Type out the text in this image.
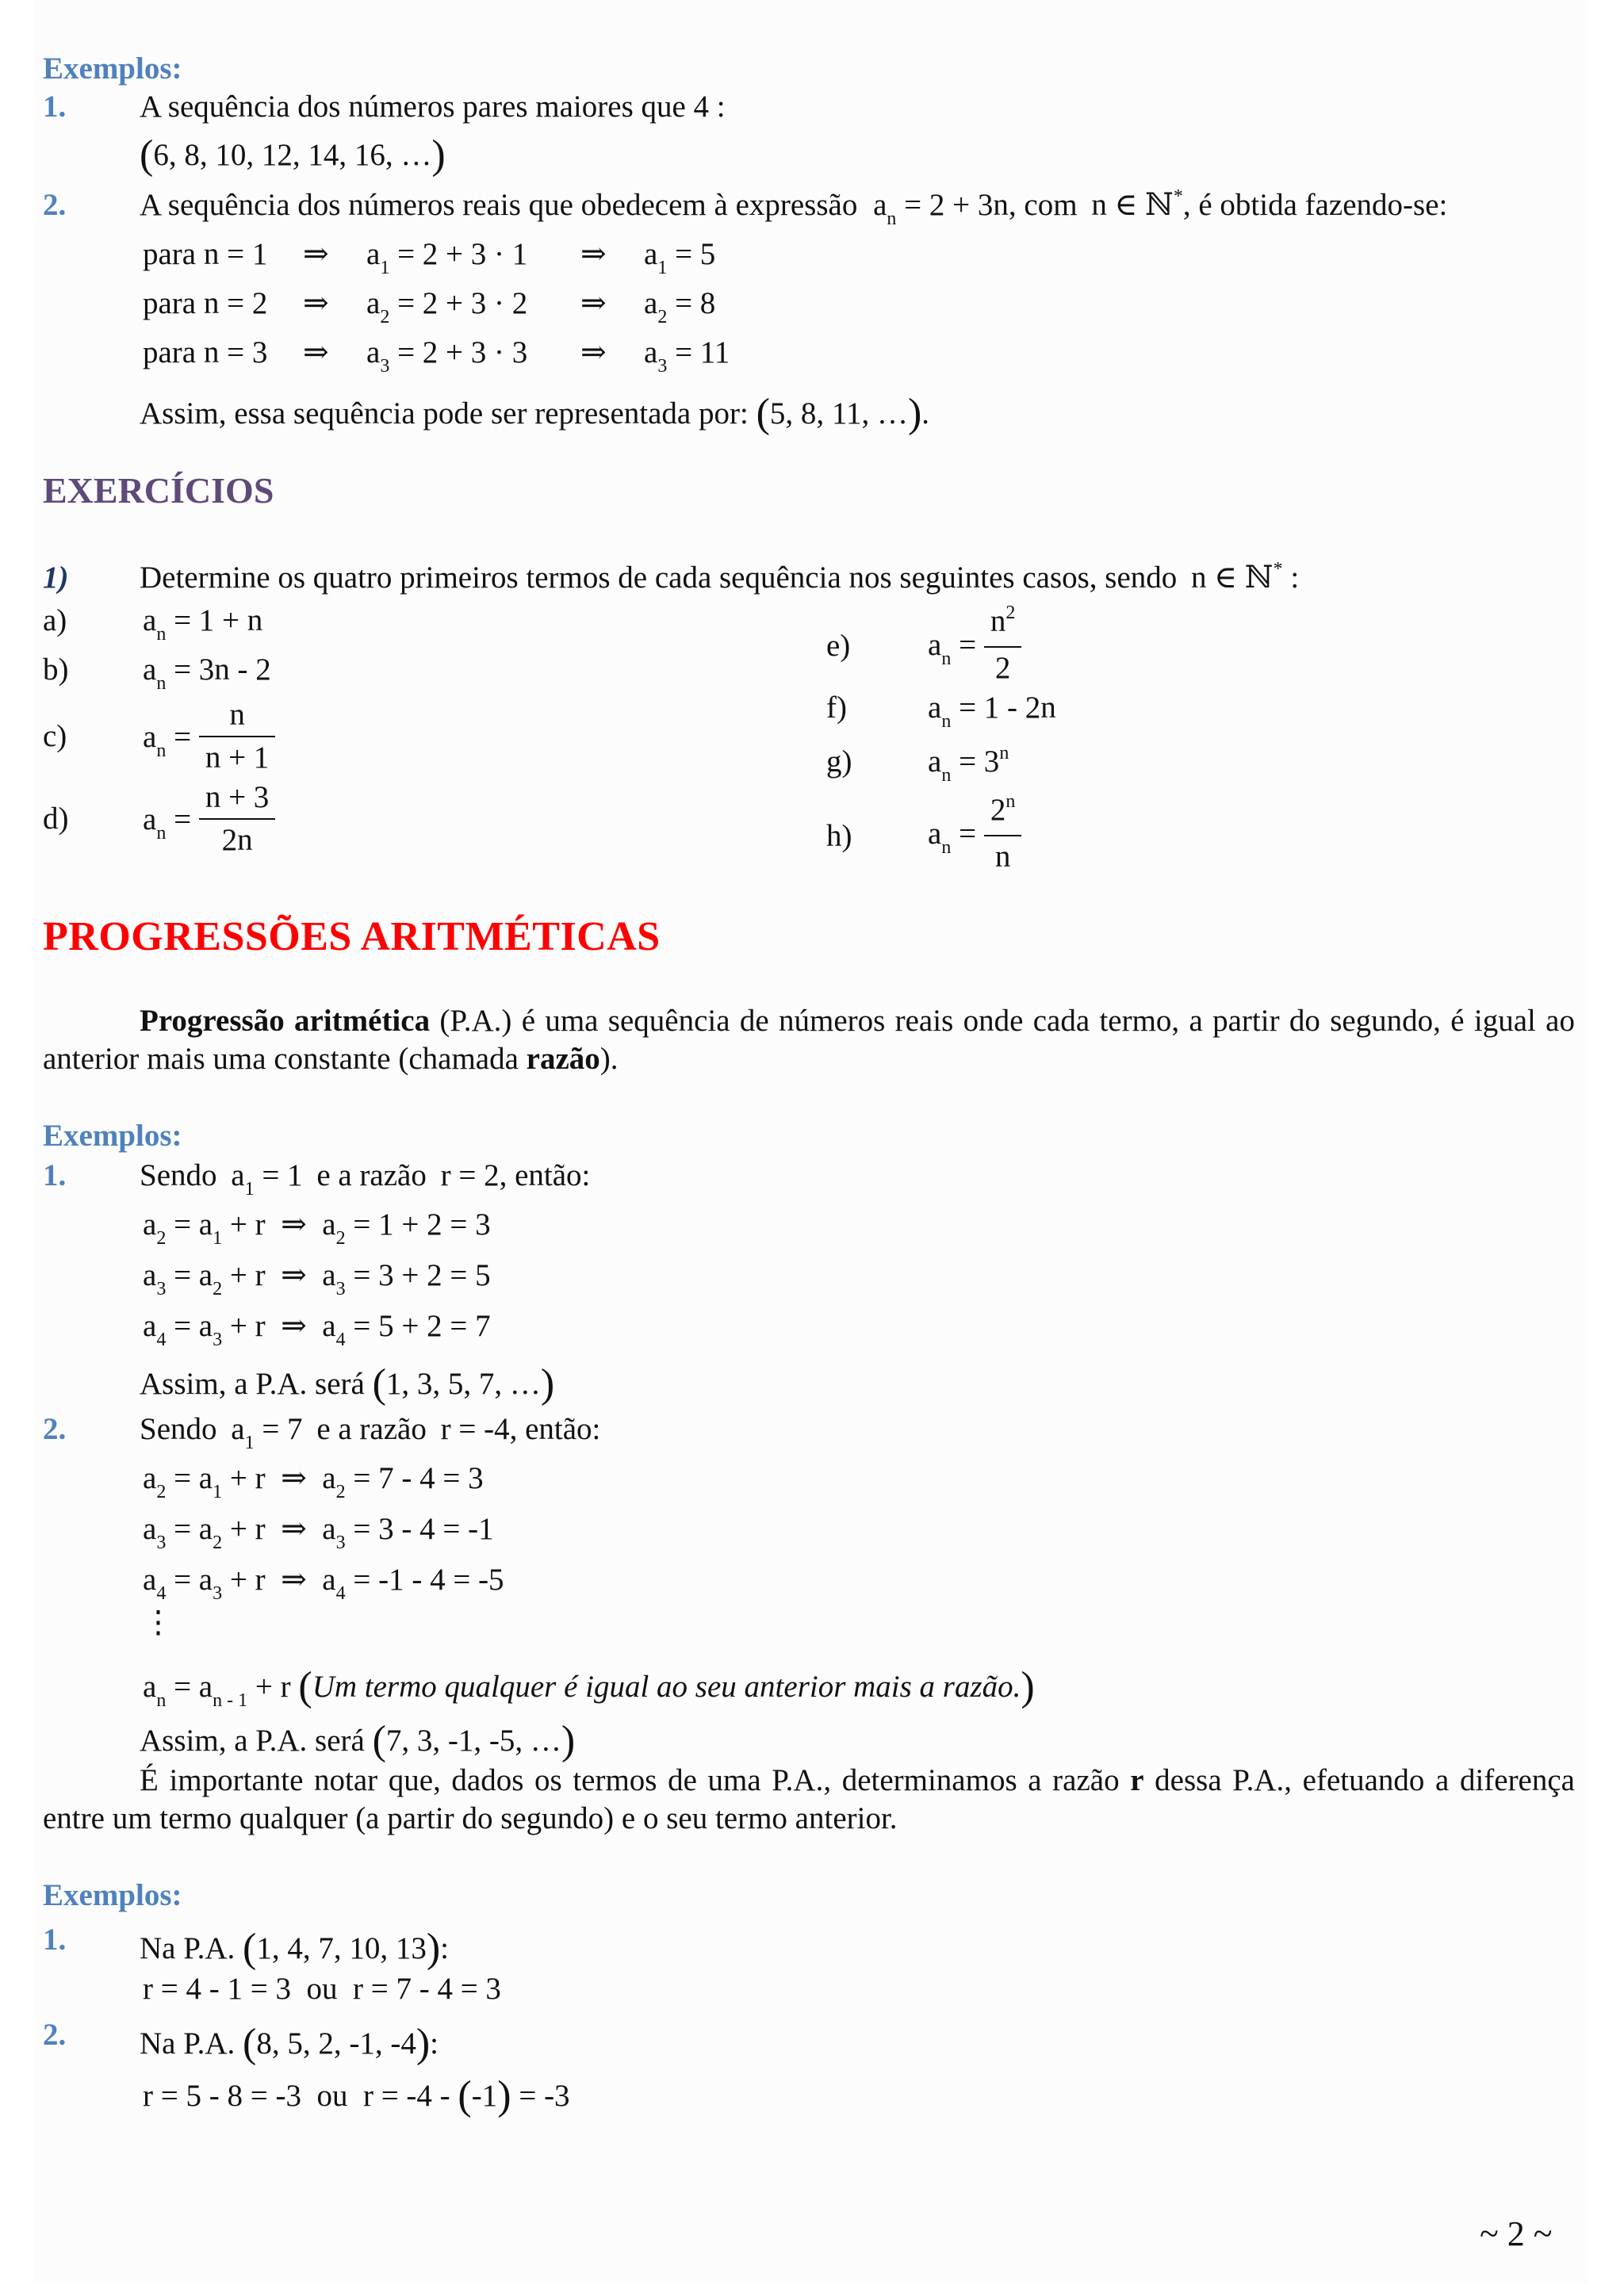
Exemplos:
1. A sequência dos números pares maiores que 4 :
(6, 8, 10, 12, 14, 16, …)
2. A sequência dos números reais que obedecem à expressão $a_n = 2 + 3n$, com n ∈ ℕ*, é obtida fazendo-se:
para n = 1 ⇒ $a_1 = 2 + 3 \cdot 1$ ⇒ $a_1 = 5$
para n = 2 ⇒ $a_2 = 2 + 3 \cdot 2$ ⇒ $a_2 = 8$
para n = 3 ⇒ $a_3 = 2 + 3 \cdot 3$ ⇒ $a_3 = 11$
Assim, essa sequência pode ser representada por: (5, 8, 11, …).
EXERCÍCIOS
1) Determine os quatro primeiros termos de cada sequência nos seguintes casos, sendo n ∈ ℕ* :
a) $a_n = 1 + n$
b) $a_n = 3n - 2$
c) $a_n = \frac{n}{n + 1}$
d) $a_n = \frac{n + 3}{2n}$
e)	$a_n = \frac{n^2}{2}$
f)	$a_n = 1 - 2n$
g) $a_n = 3^n$
h) $a_n = \frac{2^n}{n}$
PROGRESSÕES ARITMÉTICAS
Progressão aritmética (P.A.) é uma sequência de números reais onde cada termo, a partir do segundo, é igual ao anterior mais uma constante (chamada razão).
Exemplos:
1. Sendo $a_1 = 1$ e a razão r = 2, então:
$a_2 = a_1 + r$  ⇒  $a_2 = 1 + 2 = 3$
$a_3 = a_2 + r$  ⇒  $a_3 = 3 + 2 = 5$
$a_4 = a_3 + r$  ⇒  $a_4 = 5 + 2 = 7$
Assim, a P.A. será (1, 3, 5, 7, …)
2. Sendo $a_1 = 7$ e a razão r = -4, então:
$a_2 = a_1 + r$  ⇒  $a_2 = 7 - 4 = 3$
$a_3 = a_2 + r$  ⇒  $a_3 = 3 - 4 = -1$
$a_4 = a_3 + r$  ⇒  $a_4 = -1 - 4 = -5$
⋮
$a_n = a_{n - 1} + r$ (Um termo qualquer é igual ao seu anterior mais a razão.)
Assim, a P.A. será (7, 3, -1, -5, …)
É importante notar que, dados os termos de uma P.A., determinamos a razão r dessa P.A., efetuando a diferença entre um termo qualquer (a partir do segundo) e o seu termo anterior.
Exemplos:
1. Na P.A. (1, 4, 7, 10, 13):
r = 4 - 1 = 3 ou r = 7 - 4 = 3
2. Na P.A. (8, 5, 2, -1, -4):
r = 5 - 8 = -3 ou r = -4 - (-1) = -3
~ 2 ~
